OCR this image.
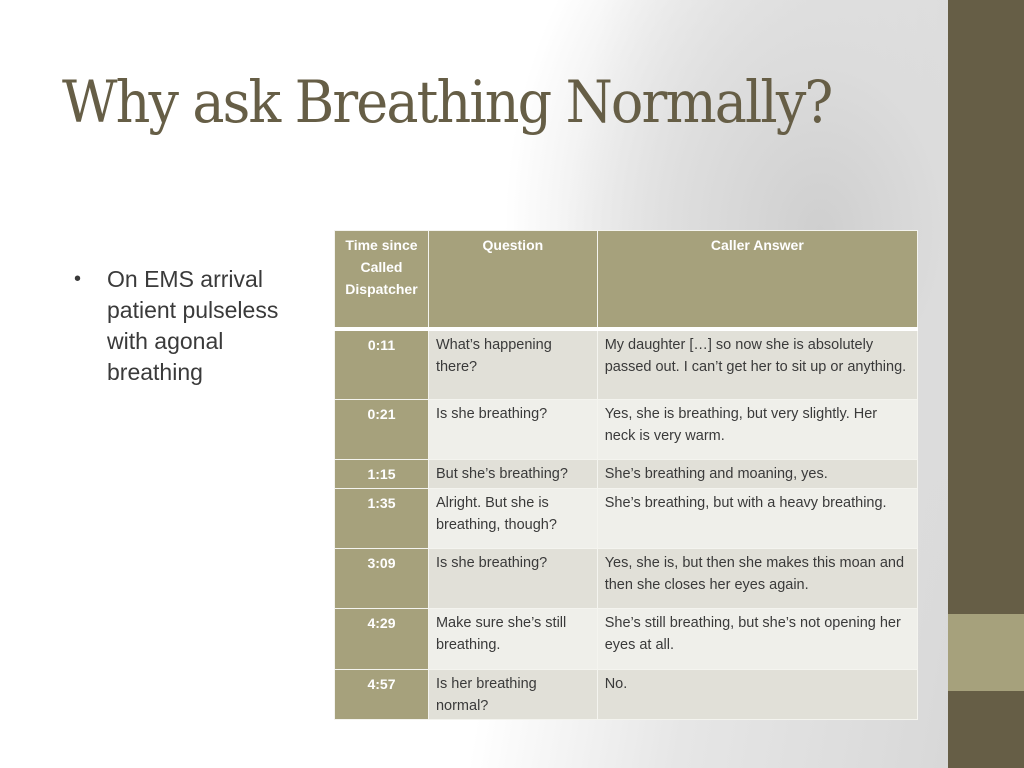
Why ask Breathing Normally?
• On EMS arrival patient pulseless with agonal breathing
Time since Called Dispatcher	Question	Caller Answer
0:11	What’s happening there?	My daughter […] so now she is absolutely passed out. I can’t get her to sit up or anything.
0:21	Is she breathing?	Yes, she is breathing, but very slightly. Her neck is very warm.
1:15	But she’s breathing?	She’s breathing and moaning, yes.
1:35	Alright. But she is breathing, though?	She’s breathing, but with a heavy breathing.
3:09	Is she breathing?	Yes, she is, but then she makes this moan and then she closes her eyes again.
4:29	Make sure she’s still breathing.	She’s still breathing, but she’s not opening her eyes at all.
4:57	Is her breathing normal?	No.
